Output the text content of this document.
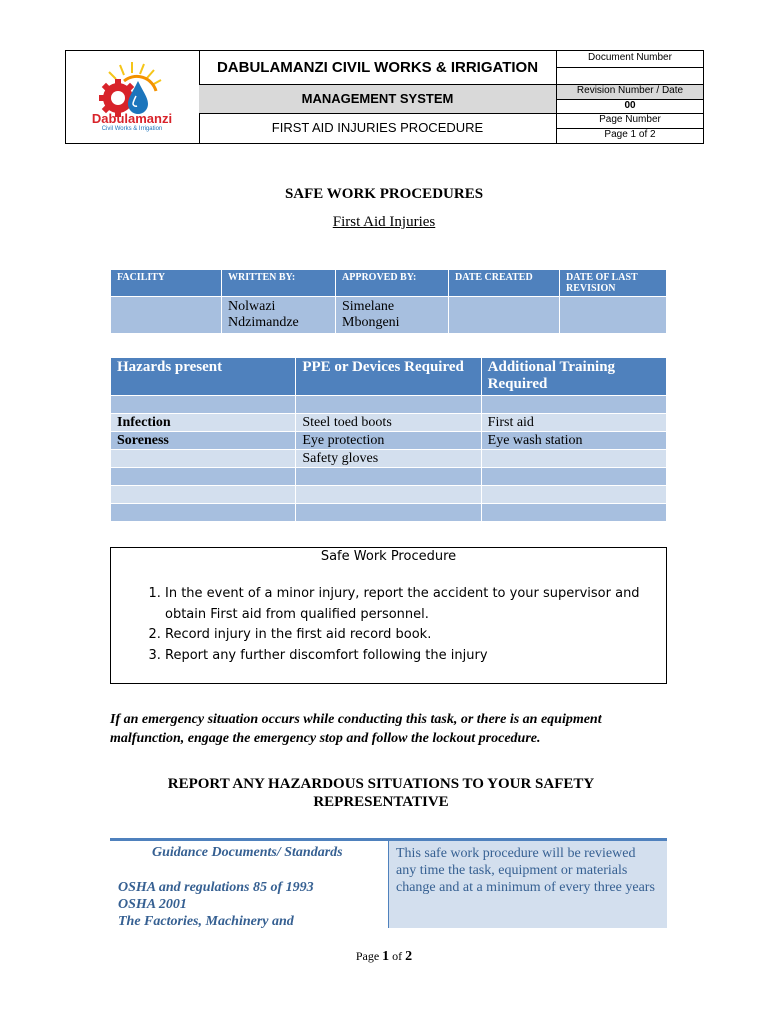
Dabulamanzi
Civil Works & Irrigation
DABULAMANZI CIVIL WORKS & IRRIGATION
MANAGEMENT SYSTEM
FIRST AID INJURIES PROCEDURE
Document Number
Revision Number / Date
00
Page Number
Page 1 of 2
SAFE WORK PROCEDURES
First Aid Injuries
FACILITY	WRITTEN BY:	APPROVED BY:	DATE CREATED	DATE OF LAST REVISION
	Nolwazi Ndzimandze	Simelane Mbongeni		
Hazards present	PPE or Devices Required	Additional Training Required

Infection	Steel toed boots	First aid
Soreness	Eye protection	Eye wash station
	Safety gloves	

Safe Work Procedure
1. In the event of a minor injury, report the accident to your supervisor and obtain First aid from qualified personnel.
2. Record injury in the first aid record book.
3. Report any further discomfort following the injury
If an emergency situation occurs while conducting this task, or there is an equipment malfunction, engage the emergency stop and follow the lockout procedure.
REPORT ANY HAZARDOUS SITUATIONS TO YOUR SAFETY REPRESENTATIVE
Guidance Documents/ Standards
OSHA and regulations 85 of 1993
OSHA 2001
The Factories, Machinery and
This safe work procedure will be reviewed any time the task, equipment or materials change and at a minimum of every three years
Page 1 of 2
